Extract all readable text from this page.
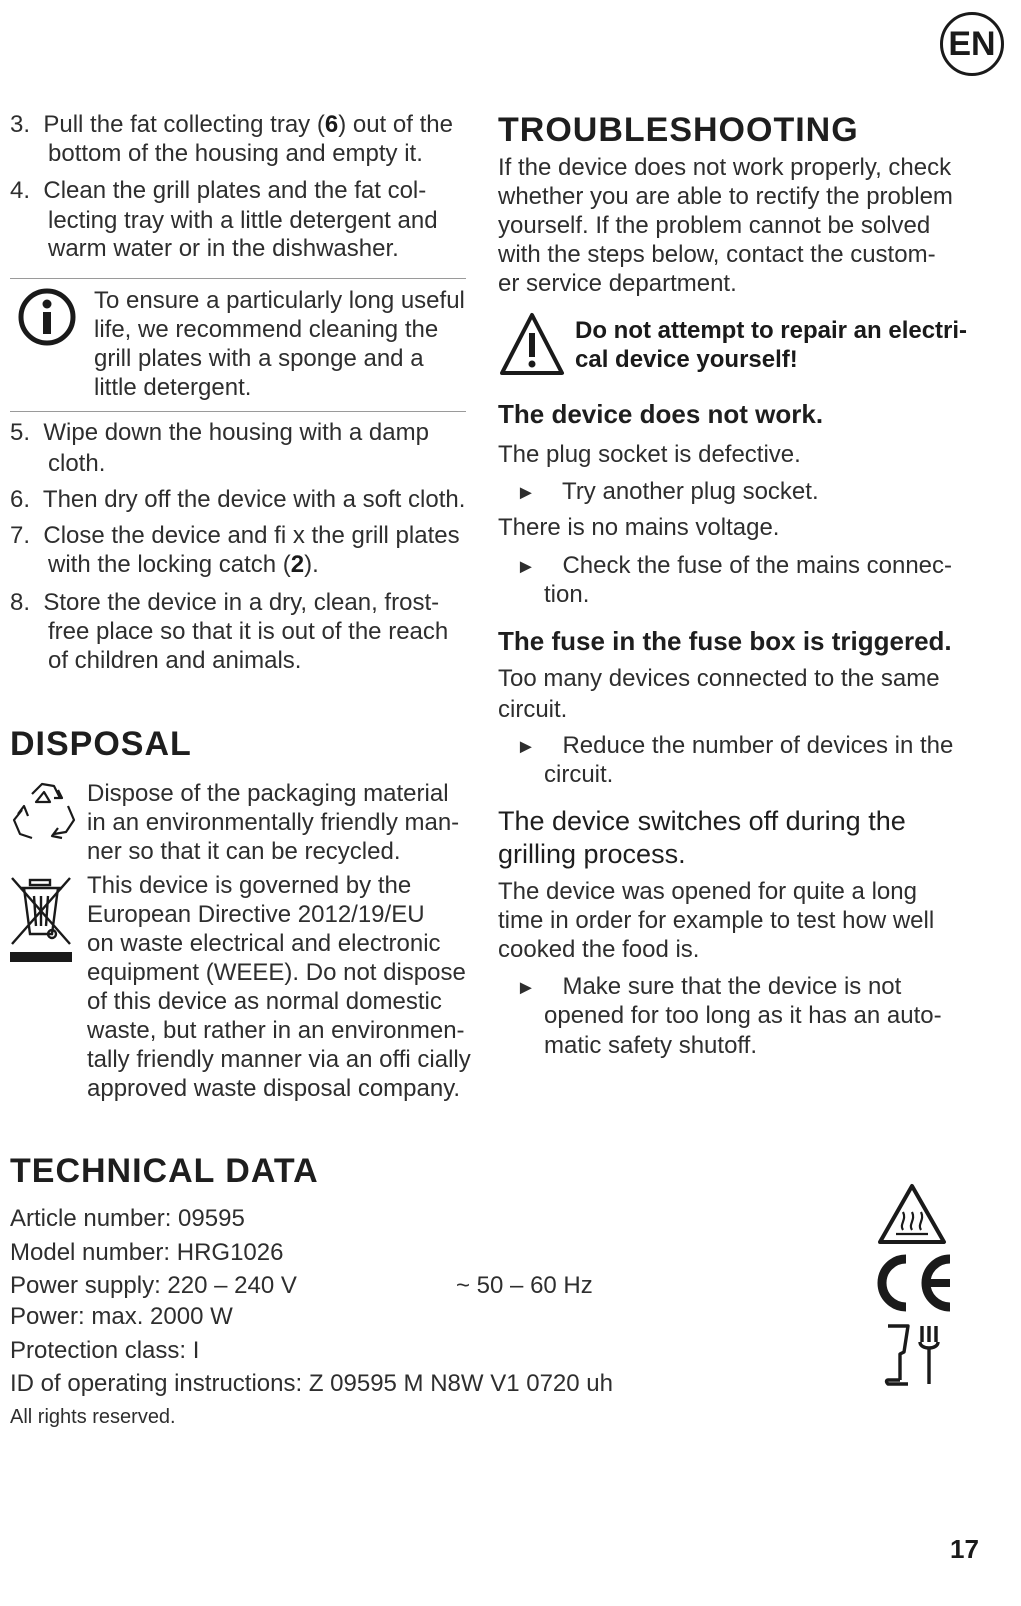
EN
3. Pull the fat collecting tray (6) out of the
bottom of the housing and empty it.
4. Clean the grill plates and the fat col-
lecting tray with a little detergent and
warm water or in the dishwasher.
To ensure a particularly long useful
life, we recommend cleaning the
grill plates with a sponge and a
little detergent.
5. Wipe down the housing with a damp
cloth.
6. Then dry off the device with a soft cloth.
7. Close the device and fi x the grill plates
with the locking catch (2).
8. Store the device in a dry, clean, frost-
free place so that it is out of the reach
of children and animals.
DISPOSAL
Dispose of the packaging material
in an environmentally friendly man-
ner so that it can be recycled.
This device is governed by the
European Directive 2012/19/EU
on waste electrical and electronic
equipment (WEEE). Do not dispose
of this device as normal domestic
waste, but rather in an environmen-
tally friendly manner via an offi cially
approved waste disposal company.
TROUBLESHOOTING
If the device does not work properly, check
whether you are able to rectify the problem
yourself. If the problem cannot be solved
with the steps below, contact the custom-
er service department.
Do not attempt to repair an electri-
cal device yourself!
The device does not work.
The plug socket is defective.
► Try another plug socket.
There is no mains voltage.
► Check the fuse of the mains connec-
tion.
The fuse in the fuse box is triggered.
Too many devices connected to the same
circuit.
► Reduce the number of devices in the
circuit.
The device switches off during the
grilling process.
The device was opened for quite a long
time in order for example to test how well
cooked the food is.
► Make sure that the device is not
opened for too long as it has an auto-
matic safety shutoff.
TECHNICAL DATA
Article number: 09595
Model number: HRG1026
Power supply: 220 – 240 V	~ 50 – 60 Hz
Power: max. 2000 W
Protection class: I
ID of operating instructions: Z 09595 M N8W V1 0720 uh
All rights reserved.
17
